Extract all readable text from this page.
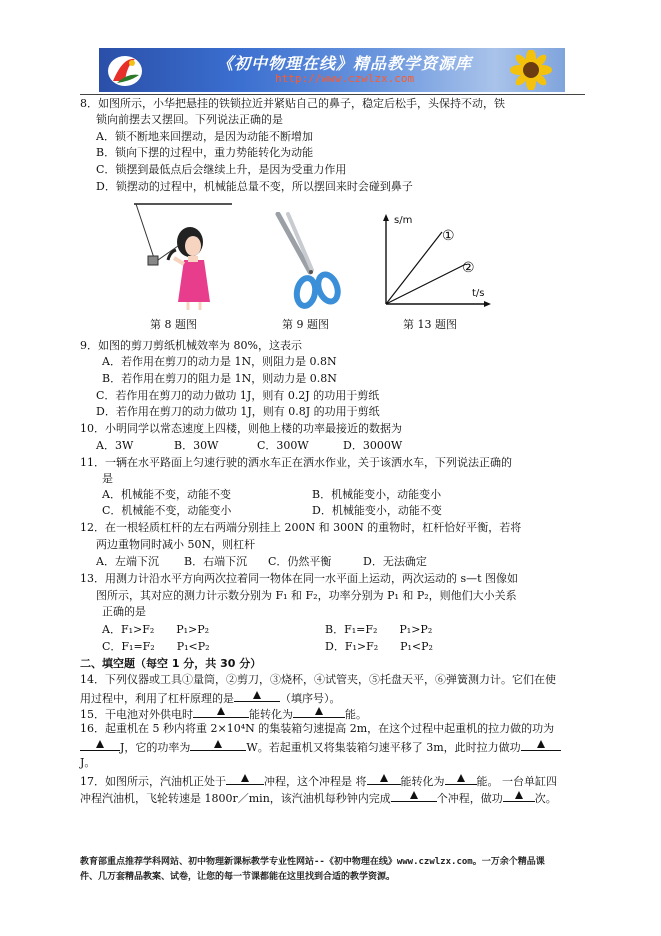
《初中物理在线》精品教学资源库
http://www.czwlzx.com
8．如图所示，小华把悬挂的铁锁拉近并紧贴自己的鼻子，稳定后松手，头保持不动，铁
锁向前摆去又摆回。下列说法正确的是
A．锁不断地来回摆动，是因为动能不断增加
B．锁向下摆的过程中，重力势能转化为动能
C．锁摆到最低点后会继续上升，是因为受重力作用
D．锁摆动的过程中，机械能总量不变，所以摆回来时会碰到鼻子
第 8 题图	第 9 题图
s/m
t/s
①
②
第 13 题图
9．如图的剪刀剪纸机械效率为 80%，这表示
A．若作用在剪刀的动力是 1N，则阻力是 0.8N
B．若作用在剪刀的阻力是 1N，则动力是 0.8N
C．若作用在剪刀的动力做功 1J，则有 0.2J 的功用于剪纸
D．若作用在剪刀的动力做功 1J，则有 0.8J 的功用于剪纸
10．小明同学以常态速度上四楼，则他上楼的功率最接近的数据为
A．3W	B．30W	C．300W	D．3000W
11．一辆在水平路面上匀速行驶的洒水车正在洒水作业，关于该洒水车，下列说法正确的
是
A．机械能不变，动能不变	B．机械能变小，动能变小
C．机械能不变，动能变小	D．机械能变小，动能不变
12．在一根轻质杠杆的左右两端分别挂上 200N 和 300N 的重物时，杠杆恰好平衡，若将
两边重物同时减小 50N，则杠杆
A．左端下沉 B．右端下沉 C．仍然平衡	D．无法确定
13．用测力计沿水平方向两次拉着同一物体在同一水平面上运动，两次运动的 s—t 图像如
图所示，其对应的测力计示数分别为 F₁ 和 F₂，功率分别为 P₁ 和 P₂，则他们大小关系
正确的是
A．F₁>F₂　　P₁>P₂	B．F₁=F₂　　P₁>P₂
C．F₁=F₂　　P₁<P₂	D．F₁>F₂　　P₁<P₂
二、填空题（每空 1 分，共 30 分）
14．下列仪器或工具①量筒，②剪刀，③烧杯，④试管夹，⑤托盘天平，⑥弹簧测力计。它们在使
用过程中，利用了杠杆原理的是	（填序号）。
15．干电池对外供电时	能转化为	能。
16．起重机在 5 秒内将重 2×10⁴N 的集装箱匀速提高 2m，在这个过程中起重机的拉力做的功为
J，它的功率为	W。若起重机又将集装箱匀速平移了 3m，此时拉力做功
J。
17．如图所示，汽油机正处于	冲程，这个冲程是 将	能转化为	能。 一台单缸四
冲程汽油机，飞轮转速是 1800r／min，该汽油机每秒钟内完成	个冲程，做功	次。
教育部重点推荐学科网站、初中物理新课标教学专业性网站--《初中物理在线》www.czwlzx.com。一万余个精品课
件、几万套精品教案、试卷，让您的每一节课都能在这里找到合适的教学资源。
